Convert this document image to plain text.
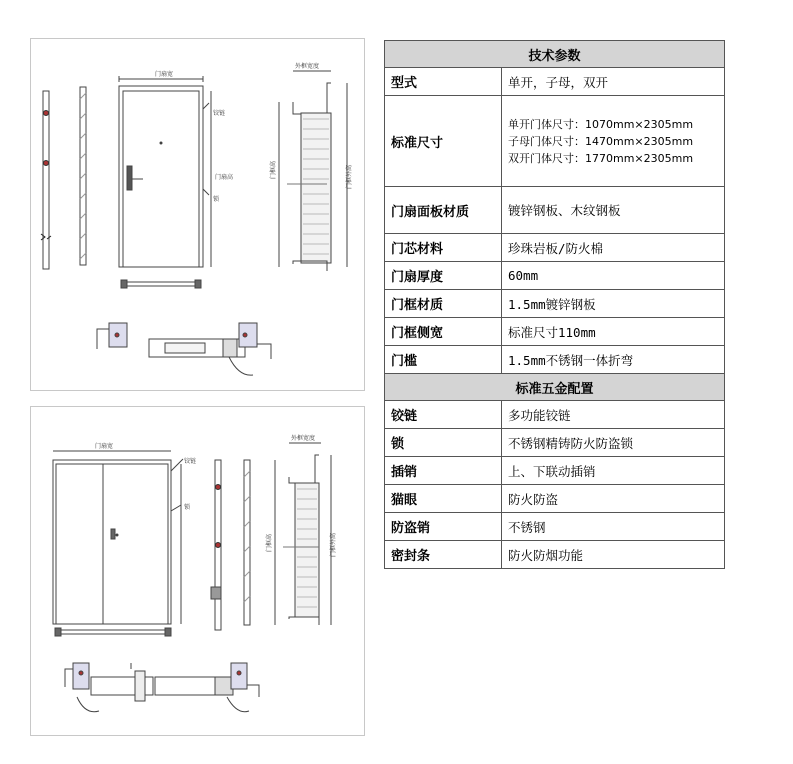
门扇宽
铰链
锁
门扇高	门框高	门框外高
外框宽度
门扇宽
铰链
锁
门框高	门框外高
外框宽度
技术参数	
型式	单开，子母，双开
标准尺寸	单开门体尺寸：1070mm×2305mm
子母门体尺寸：1470mm×2305mm
双开门体尺寸：1770mm×2305mm

门扇面板材质	镀锌钢板、木纹钢板
门芯材料	珍珠岩板/防火棉
门扇厚度	60mm
门框材质	1.5mm镀锌钢板
门框侧宽	标准尺寸110mm
门槛	1.5mm不锈钢一体折弯
标准五金配置	
铰链	多功能铰链
锁	不锈钢精铸防火防盗锁
插销	上、下联动插销
猫眼	防火防盗
防盗销	不锈钢
密封条	防火防烟功能
